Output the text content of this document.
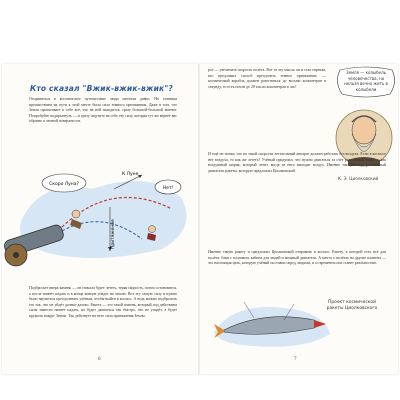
Кто сказал "Вжик-вжик-вжик"?

Отправиться в космическое путешествие люди мечтали давно. Но главным препятствием на пути к этой мечте была сила земного притяжения. Даже в том, что Земля притягивает к себе всё, что на ней находится, сразу большой-большой магнит. Попробуйте подпрыгнуть — и сразу ощутите на себе эту силу, которая тут же вернёт вас обратно к земной поверхности.

Скоро Луна?
Нет!
К Луне
Притяжение

Подбросьте вверх камень — он сначала будет лететь, теряя скорость, потом остановится, а после начнёт падать и в конце концов упадёт на землю. Вот эту самую силу и нужно было научиться преодолевать учёным, чтобы выйти в космос. А ведь можно подбросить его так, что он уйдёт далеко-далеко. Ракета — это такой камень, который под действием силы тяжести начнёт падать, но будет двигаться так быстро, что не упадёт, а будет кружить вокруг Земли. Так действует на него сила притяжения Земли.

6

рот — увеличить скорость полёта. Вот за эту мысль он и стал первым, кто предложил способ преодолеть земное притяжение, — космический корабль должен разогнаться до восьми километров в секунду, то есть почти до 29 тысяч километров в час!

Земля — колыбель человечества, но нельзя вечно жить в колыбели
К. Э. Циолковский

И ещё он понял, что на такой скорости летательный аппарат должен работать без воздуха. Если в космосе нет воздуха, то как же лететь? Учёный придумал, что нужно двигаться за счёт реактивной силы — как воздушный шарик, который летит, когда из него выходит воздух. Именно так работает реактивный двигатель ракеты, которую предложил Циолковский.

Именно такую ракету и предложил Циолковский отправить в космос. Ракету, в которой есть всё для полёта: баки с топливом, кабина для людей и мощный двигатель. А мечта о полётах на другие планеты — это настоящая цель, которую учёный поставил перед людьми, и со временем она станет реальностью.

Проект космической ракеты Циолковского
7
